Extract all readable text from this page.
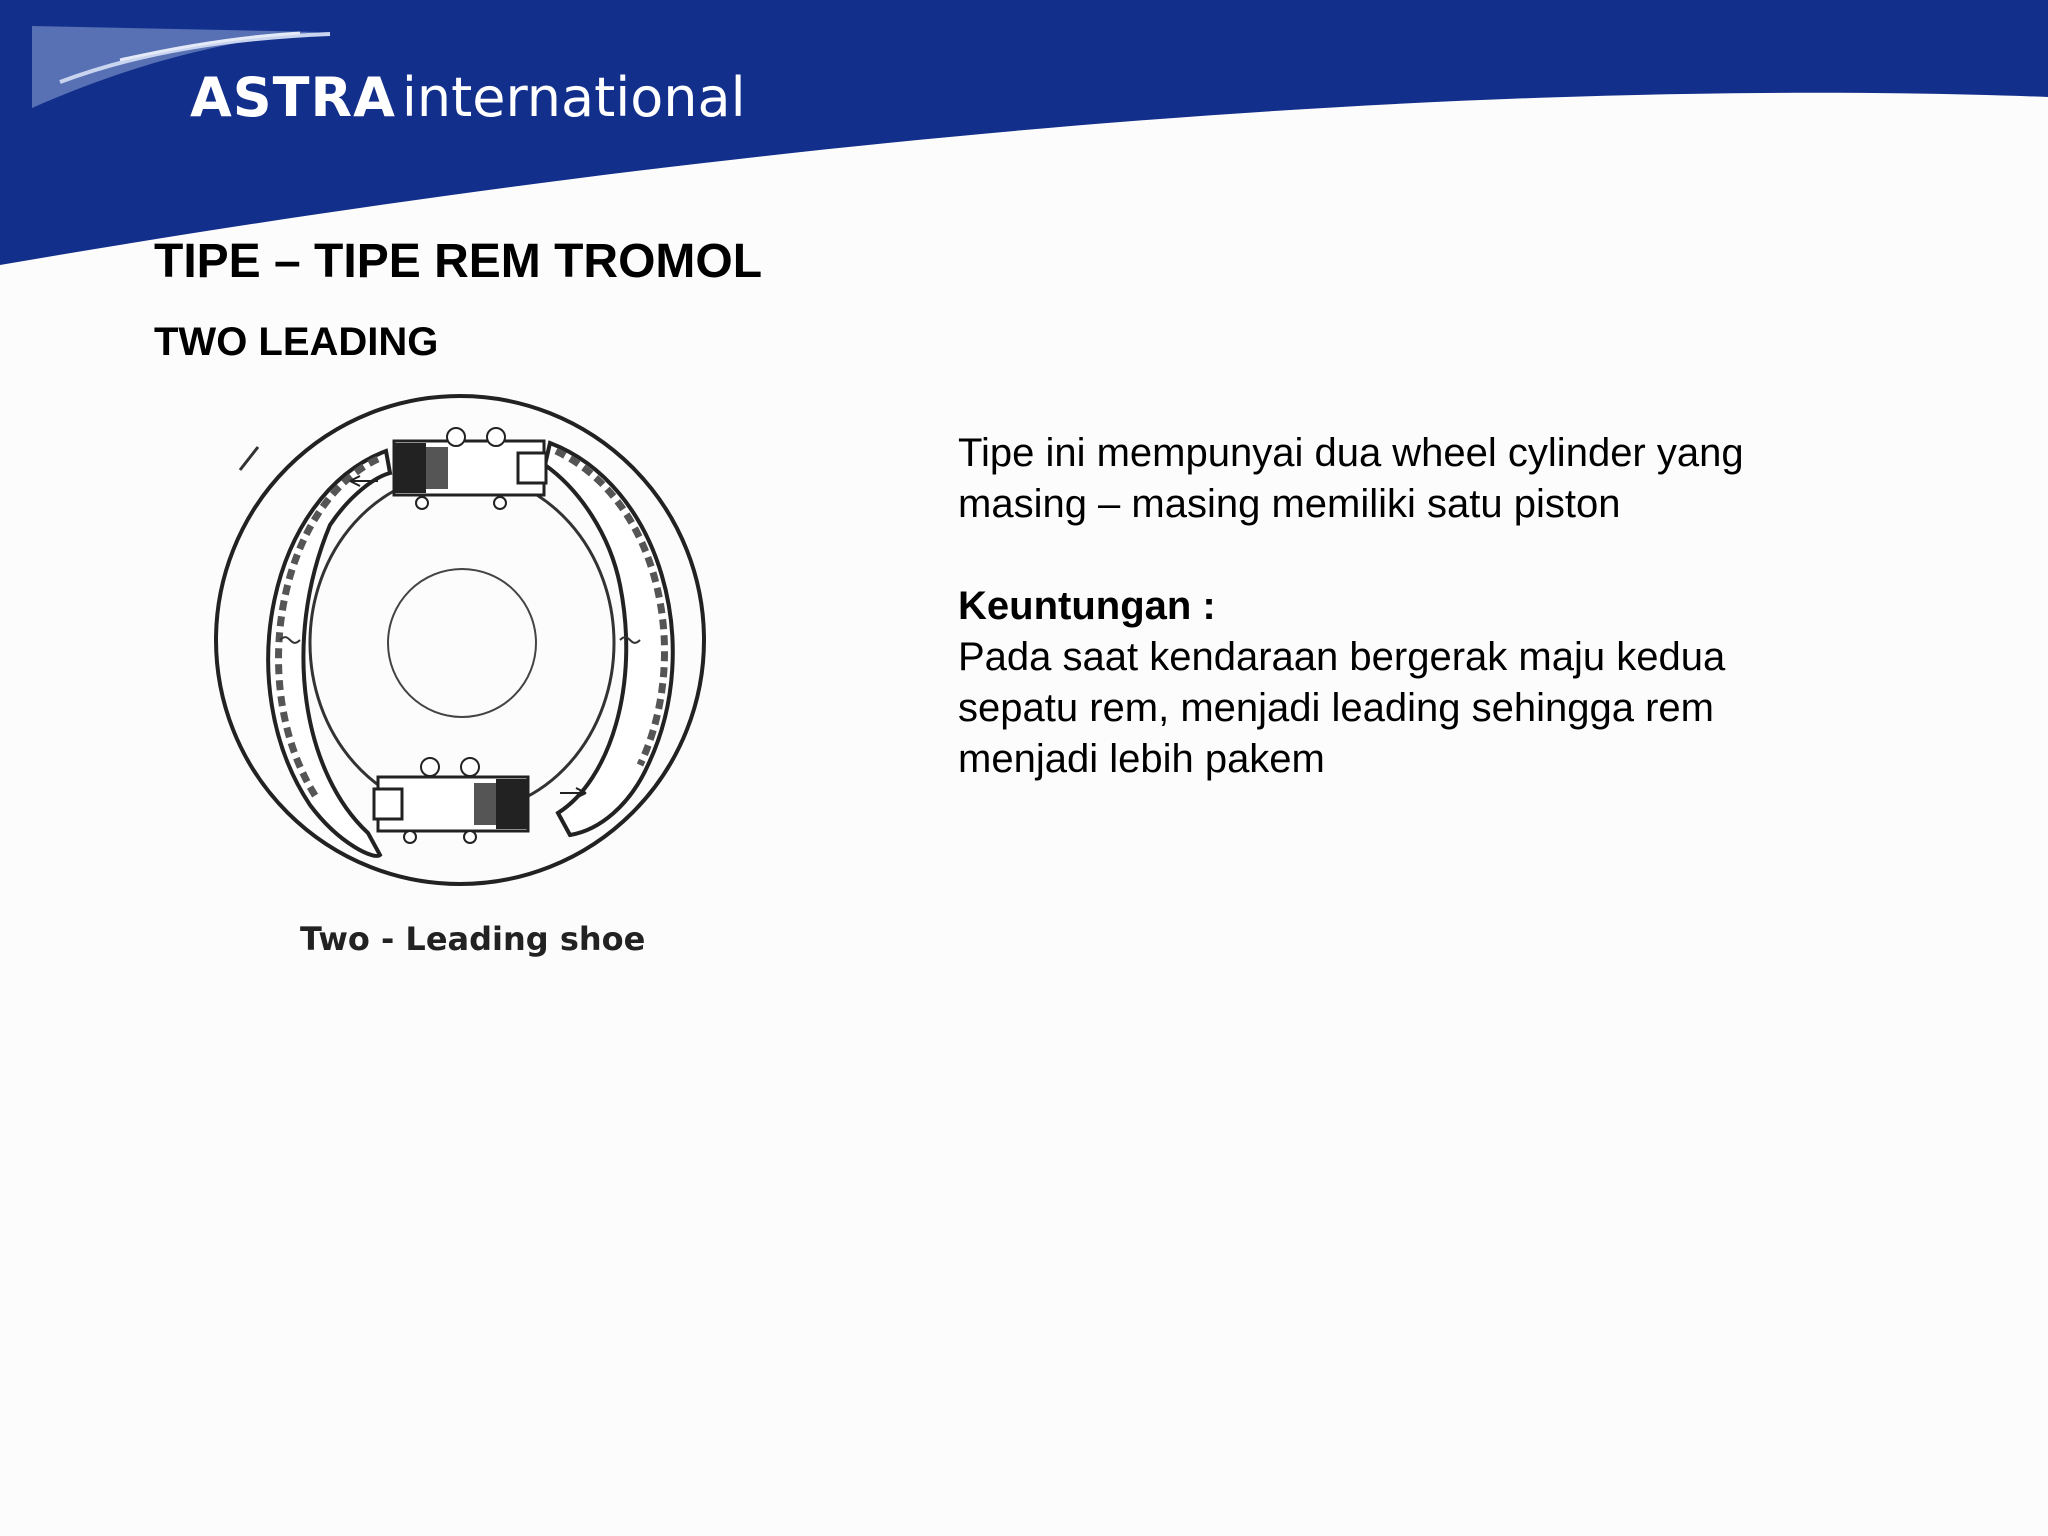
ASTRA international
TIPE – TIPE REM TROMOL
TWO LEADING
Two - Leading shoe

Tipe ini mempunyai dua wheel cylinder yang

masing – masing memiliki satu piston

Keuntungan :

Pada saat kendaraan bergerak maju kedua

sepatu rem, menjadi leading sehingga rem

menjadi lebih pakem
